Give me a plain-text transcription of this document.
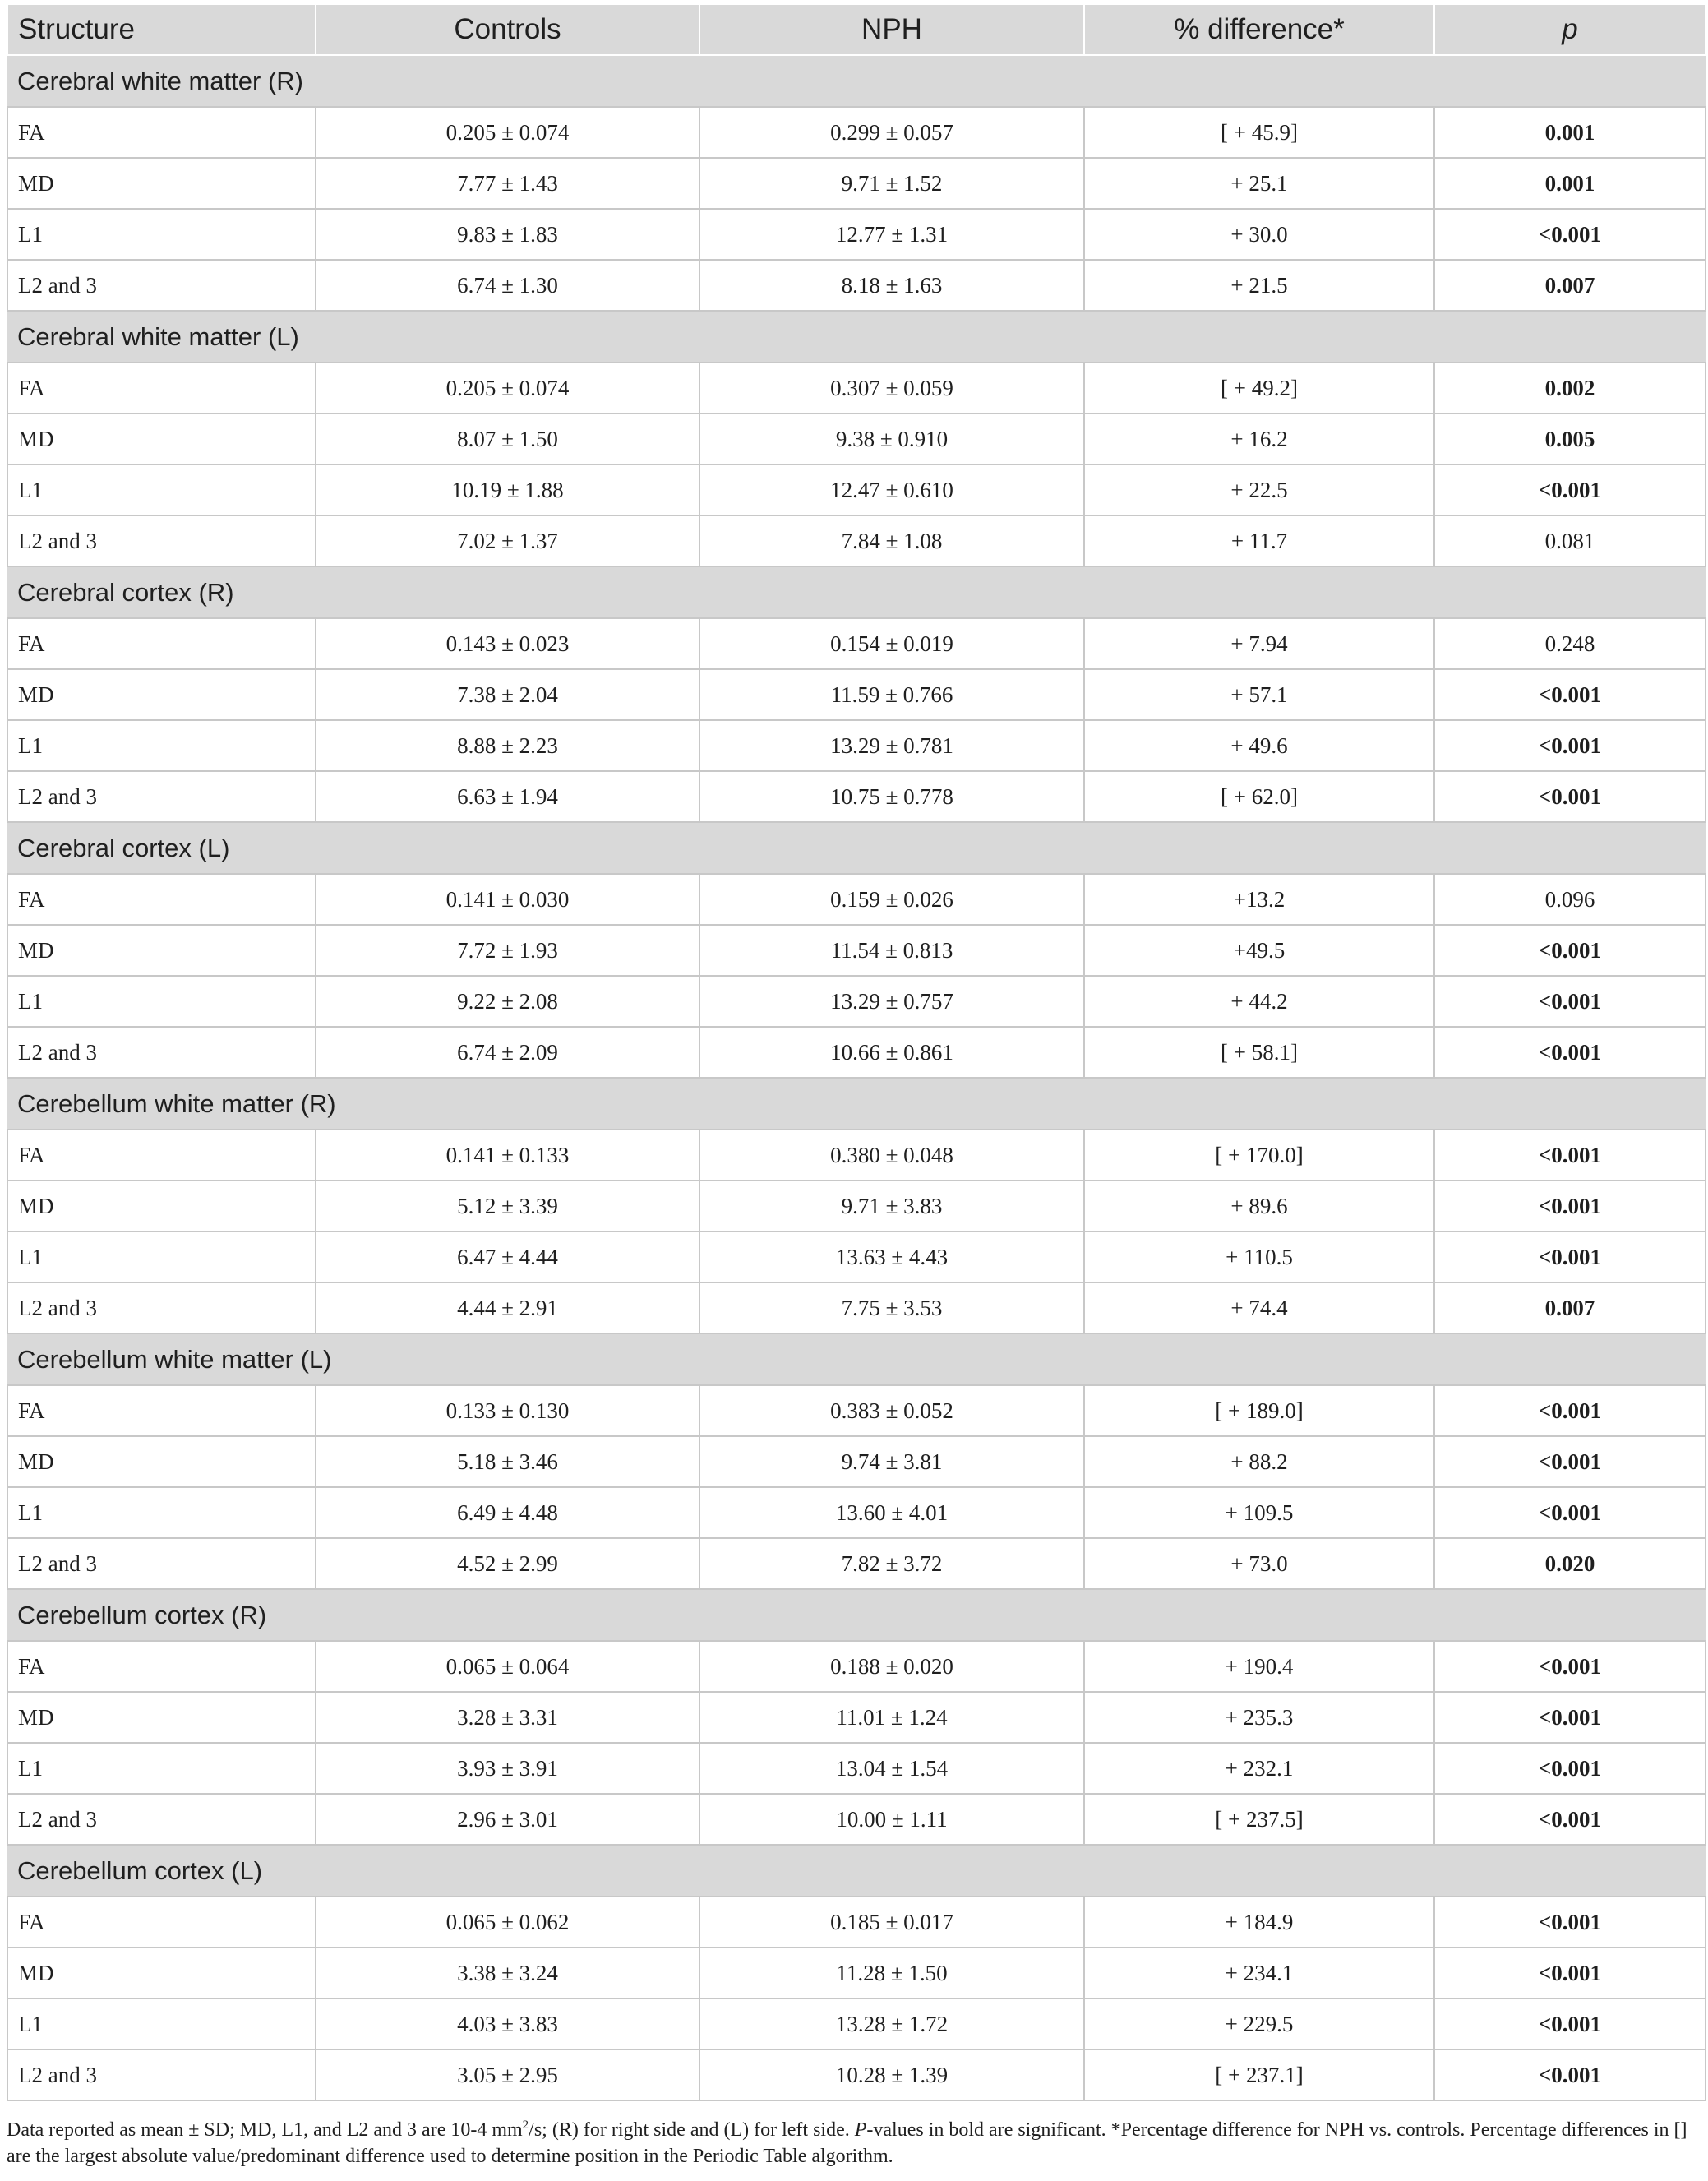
Structure	Controls	NPH	% difference*	p
Cerebral white matter (R)				
FA	0.205 ± 0.074	0.299 ± 0.057	[ + 45.9]	0.001
MD	7.77 ± 1.43	9.71 ± 1.52	+ 25.1	0.001
L1	9.83 ± 1.83	12.77 ± 1.31	+ 30.0	<0.001
L2 and 3	6.74 ± 1.30	8.18 ± 1.63	+ 21.5	0.007
Cerebral white matter (L)				
FA	0.205 ± 0.074	0.307 ± 0.059	[ + 49.2]	0.002
MD	8.07 ± 1.50	9.38 ± 0.910	+ 16.2	0.005
L1	10.19 ± 1.88	12.47 ± 0.610	+ 22.5	<0.001
L2 and 3	7.02 ± 1.37	7.84 ± 1.08	+ 11.7	0.081
Cerebral cortex (R)				
FA	0.143 ± 0.023	0.154 ± 0.019	+ 7.94	0.248
MD	7.38 ± 2.04	11.59 ± 0.766	+ 57.1	<0.001
L1	8.88 ± 2.23	13.29 ± 0.781	+ 49.6	<0.001
L2 and 3	6.63 ± 1.94	10.75 ± 0.778	[ + 62.0]	<0.001
Cerebral cortex (L)				
FA	0.141 ± 0.030	0.159 ± 0.026	+13.2	0.096
MD	7.72 ± 1.93	11.54 ± 0.813	+49.5	<0.001
L1	9.22 ± 2.08	13.29 ± 0.757	+ 44.2	<0.001
L2 and 3	6.74 ± 2.09	10.66 ± 0.861	[ + 58.1]	<0.001
Cerebellum white matter (R)				
FA	0.141 ± 0.133	0.380 ± 0.048	[ + 170.0]	<0.001
MD	5.12 ± 3.39	9.71 ± 3.83	+ 89.6	<0.001
L1	6.47 ± 4.44	13.63 ± 4.43	+ 110.5	<0.001
L2 and 3	4.44 ± 2.91	7.75 ± 3.53	+ 74.4	0.007
Cerebellum white matter (L)				
FA	0.133 ± 0.130	0.383 ± 0.052	[ + 189.0]	<0.001
MD	5.18 ± 3.46	9.74 ± 3.81	+ 88.2	<0.001
L1	6.49 ± 4.48	13.60 ± 4.01	+ 109.5	<0.001
L2 and 3	4.52 ± 2.99	7.82 ± 3.72	+ 73.0	0.020
Cerebellum cortex (R)				
FA	0.065 ± 0.064	0.188 ± 0.020	+ 190.4	<0.001
MD	3.28 ± 3.31	11.01 ± 1.24	+ 235.3	<0.001
L1	3.93 ± 3.91	13.04 ± 1.54	+ 232.1	<0.001
L2 and 3	2.96 ± 3.01	10.00 ± 1.11	[ + 237.5]	<0.001
Cerebellum cortex (L)				
FA	0.065 ± 0.062	0.185 ± 0.017	+ 184.9	<0.001
MD	3.38 ± 3.24	11.28 ± 1.50	+ 234.1	<0.001
L1	4.03 ± 3.83	13.28 ± 1.72	+ 229.5	<0.001
L2 and 3	3.05 ± 2.95	10.28 ± 1.39	[ + 237.1]	<0.001
Data reported as mean ± SD; MD, L1, and L2 and 3 are 10-4 $mm^2/s$; (R) for right side and (L) for left side. P-values in bold are significant. *Percentage difference for NPH vs. controls. Percentage differences in [] are the largest absolute value/predominant difference used to determine position in the Periodic Table algorithm.
